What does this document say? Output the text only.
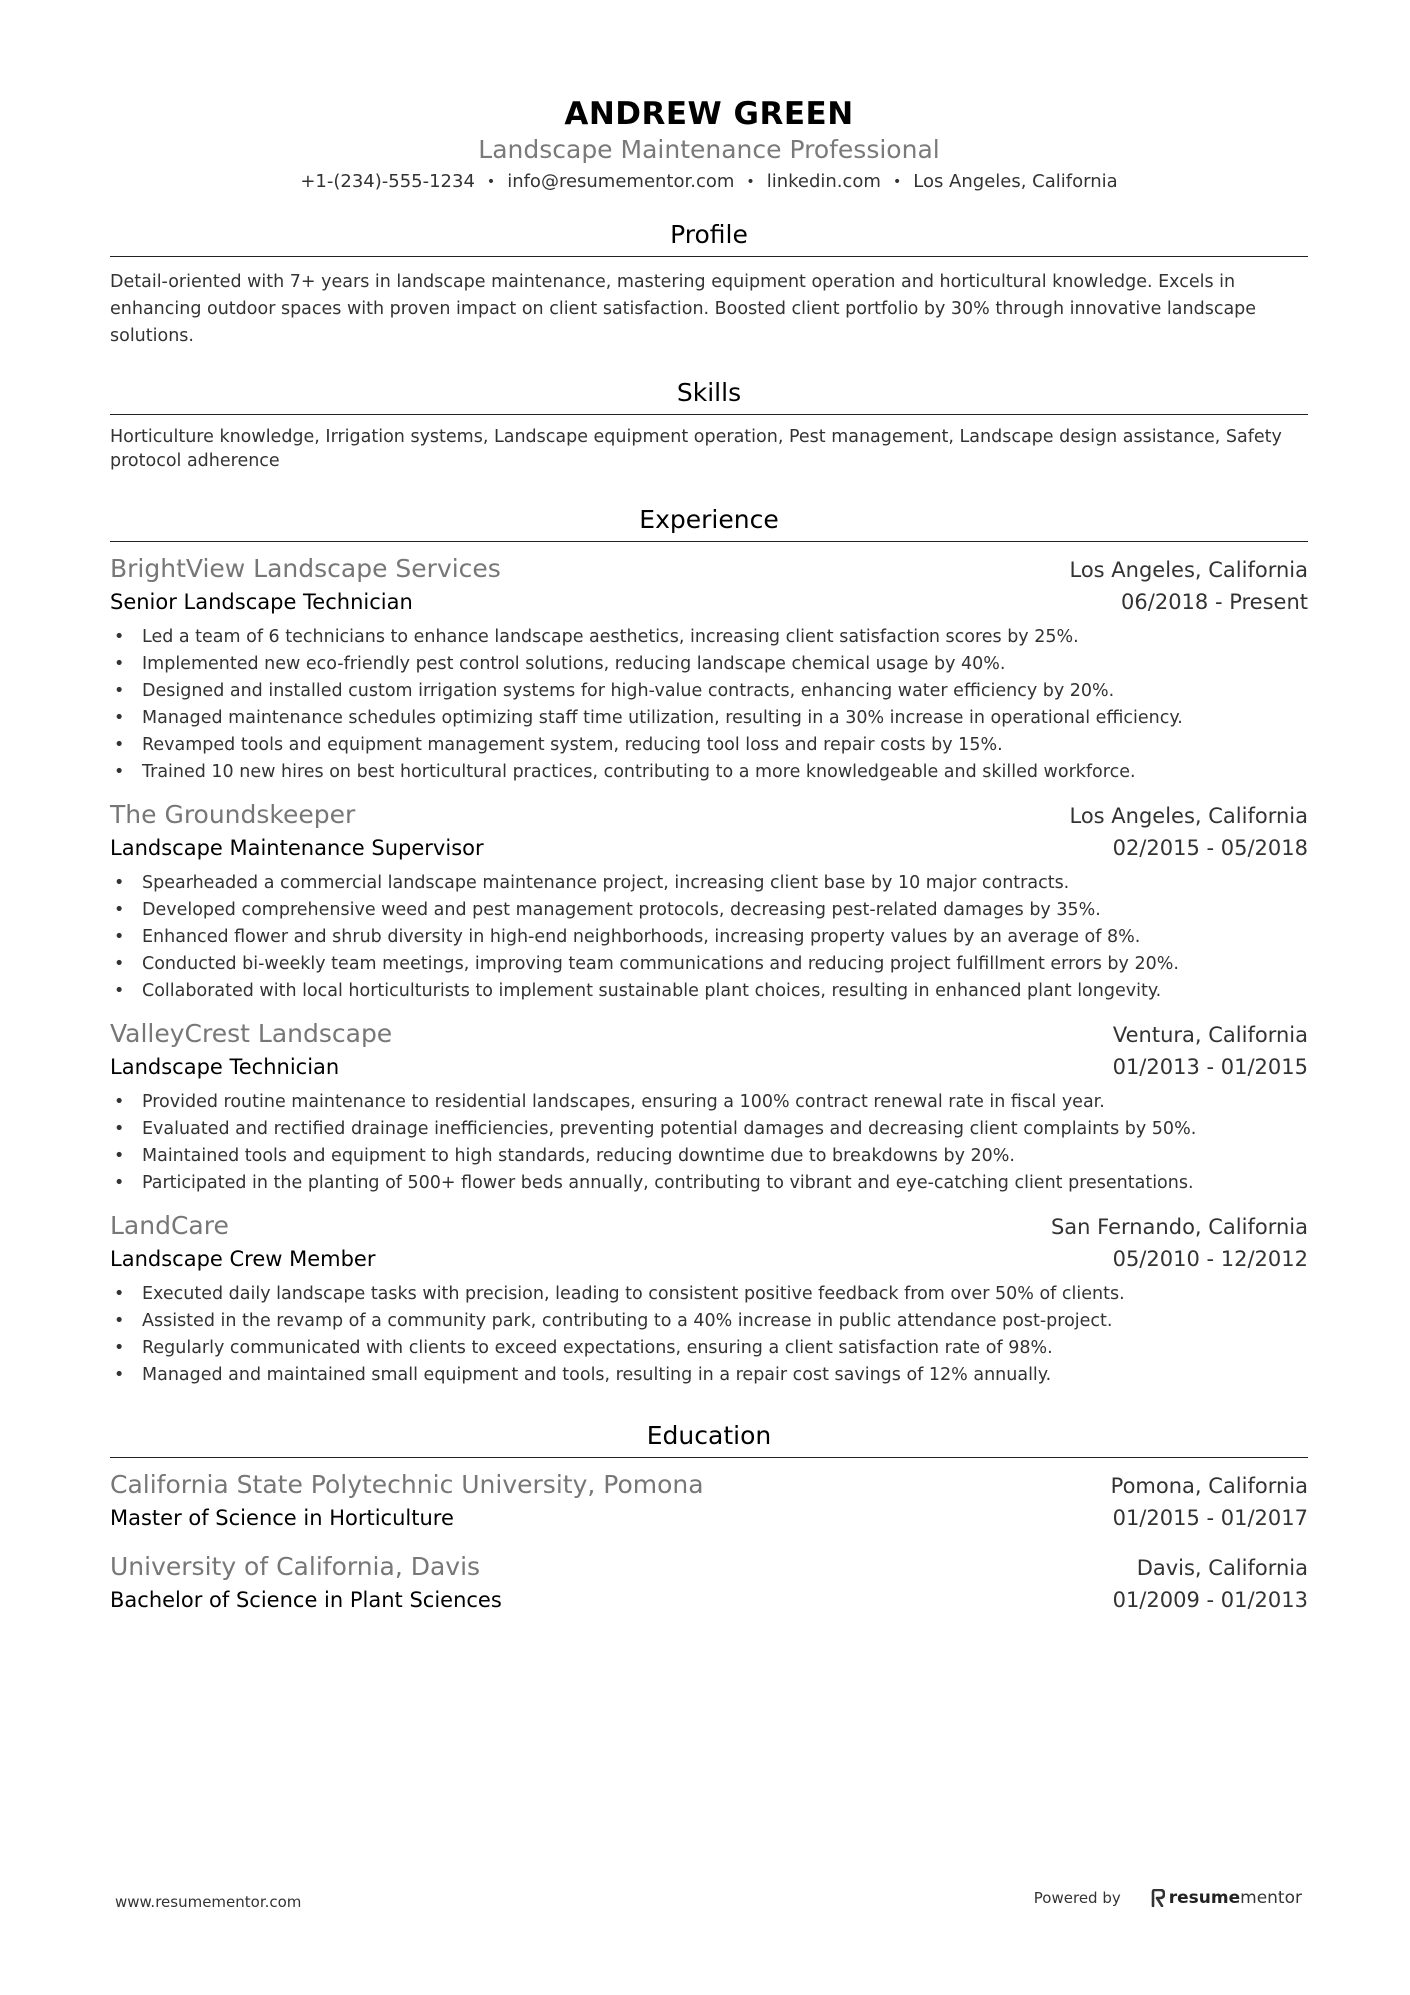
ANDREW GREEN
Landscape Maintenance Professional
+1-(234)-555-1234 • info@resumementor.com • linkedin.com • Los Angeles, California
Profile

Detail-oriented with 7+ years in landscape maintenance, mastering equipment operation and horticultural knowledge. Excels in enhancing outdoor spaces with proven impact on client satisfaction. Boosted client portfolio by 30% through innovative landscape solutions.

Skills

Horticulture knowledge, Irrigation systems, Landscape equipment operation, Pest management, Landscape design assistance, Safety protocol adherence

Experience
BrightView Landscape Services	Los Angeles, California
Senior Landscape Technician	06/2018 - Present
• Led a team of 6 technicians to enhance landscape aesthetics, increasing client satisfaction scores by 25%.
• Implemented new eco-friendly pest control solutions, reducing landscape chemical usage by 40%.
• Designed and installed custom irrigation systems for high-value contracts, enhancing water efficiency by 20%.
• Managed maintenance schedules optimizing staff time utilization, resulting in a 30% increase in operational efficiency.
• Revamped tools and equipment management system, reducing tool loss and repair costs by 15%.
• Trained 10 new hires on best horticultural practices, contributing to a more knowledgeable and skilled workforce.
The Groundskeeper	Los Angeles, California
Landscape Maintenance Supervisor	02/2015 - 05/2018
• Spearheaded a commercial landscape maintenance project, increasing client base by 10 major contracts.
• Developed comprehensive weed and pest management protocols, decreasing pest-related damages by 35%.
• Enhanced flower and shrub diversity in high-end neighborhoods, increasing property values by an average of 8%.
• Conducted bi-weekly team meetings, improving team communications and reducing project fulfillment errors by 20%.
• Collaborated with local horticulturists to implement sustainable plant choices, resulting in enhanced plant longevity.
ValleyCrest Landscape	Ventura, California
Landscape Technician	01/2013 - 01/2015
• Provided routine maintenance to residential landscapes, ensuring a 100% contract renewal rate in fiscal year.
• Evaluated and rectified drainage inefficiencies, preventing potential damages and decreasing client complaints by 50%.
• Maintained tools and equipment to high standards, reducing downtime due to breakdowns by 20%.
• Participated in the planting of 500+ flower beds annually, contributing to vibrant and eye-catching client presentations.
LandCare	San Fernando, California
Landscape Crew Member	05/2010 - 12/2012
• Executed daily landscape tasks with precision, leading to consistent positive feedback from over 50% of clients.
• Assisted in the revamp of a community park, contributing to a 40% increase in public attendance post-project.
• Regularly communicated with clients to exceed expectations, ensuring a client satisfaction rate of 98%.
• Managed and maintained small equipment and tools, resulting in a repair cost savings of 12% annually.
Education
California State Polytechnic University, Pomona	Pomona, California
Master of Science in Horticulture	01/2015 - 01/2017
University of California, Davis	Davis, California
Bachelor of Science in Plant Sciences	01/2009 - 01/2013
www.resumementor.com	Powered by	resume mentor
